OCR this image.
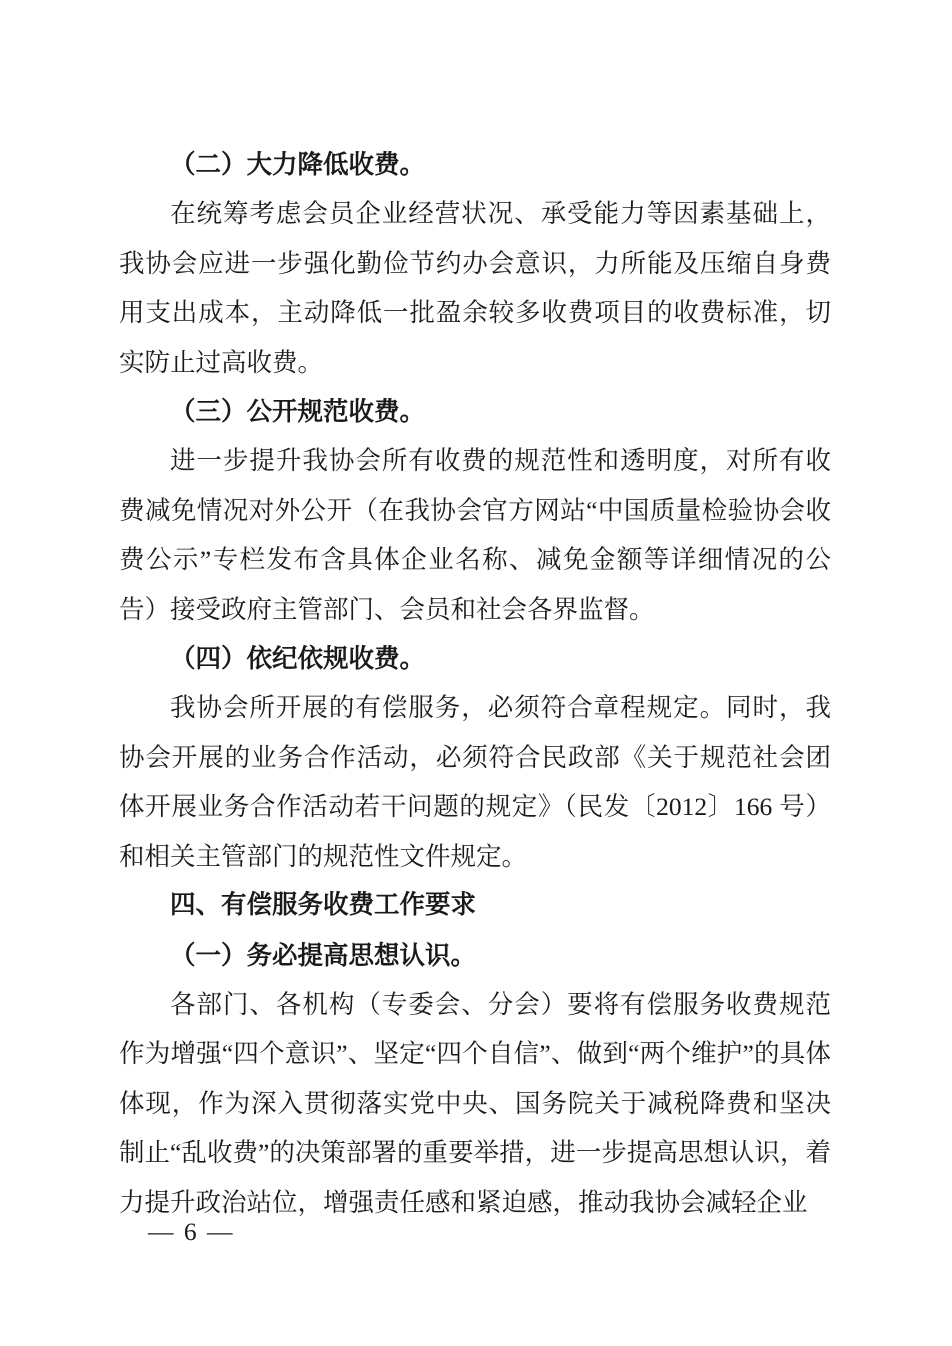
（二）大力降低收费。

在统筹考虑会员企业经营状况、承受能力等因素基础上，我协会应进一步强化勤俭节约办会意识，力所能及压缩自身费用支出成本，主动降低一批盈余较多收费项目的收费标准，切实防止过高收费。

（三）公开规范收费。

进一步提升我协会所有收费的规范性和透明度，对所有收费减免情况对外公开（在我协会官方网站“中国质量检验协会收费公示”专栏发布含具体企业名称、减免金额等详细情况的公告）接受政府主管部门、会员和社会各界监督。

（四）依纪依规收费。

我协会所开展的有偿服务，必须符合章程规定。同时，我协会开展的业务合作活动，必须符合民政部《关于规范社会团体开展业务合作活动若干问题的规定》（民发〔2012〕166 号）和相关主管部门的规范性文件规定。

四、有偿服务收费工作要求

（一）务必提高思想认识。

各部门、各机构（专委会、分会）要将有偿服务收费规范作为增强“四个意识”、坚定“四个自信”、做到“两个维护”的具体体现，作为深入贯彻落实党中央、国务院关于减税降费和坚决制止“乱收费”的决策部署的重要举措，进一步提高思想认识，着力提升政治站位，增强责任感和紧迫感，推动我协会减轻企业

— 6 —
